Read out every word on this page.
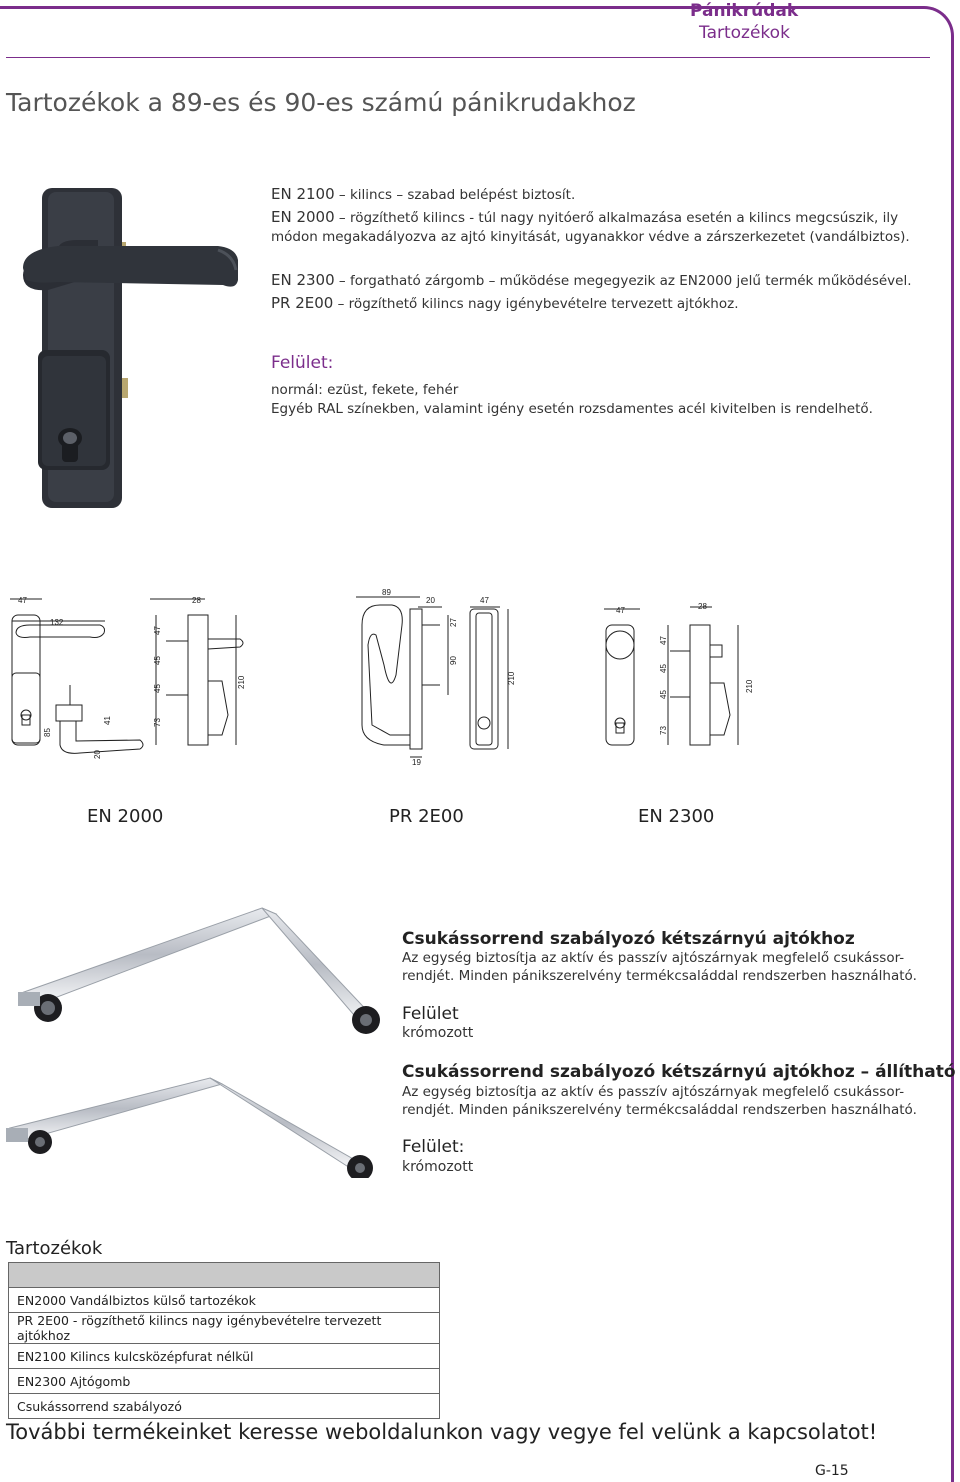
Pánikrúdak
Tartozékok
Tartozékok a 89-es és 90-es számú pánikrudakhoz
EN 2100 – kilincs – szabad belépést biztosít.
EN 2000 – rögzíthető kilincs - túl nagy nyitóerő alkalmazása esetén a kilincs megcsúszik, ily módon megakadályozva az ajtó kinyitását, ugyanakkor védve a zárszerkezetet (vandálbiztos).
EN 2300 – forgatható zárgomb – működése megegyezik az EN2000 jelű termék működésével.
PR 2E00 – rögzíthető kilincs nagy igénybevételre tervezett ajtókhoz.
Felület:
normál: ezüst, fekete, fehér
Egyéb RAL színekben, valamint igény esetén rozsdamentes acél kivitelben is rendelhető.
47
132
28
47
45
45
73
210
85
41
20
89
20	47
27
90
210
19
47	28
47
45
45
73
210
EN 2000	PR 2E00	EN 2300
Csukássorrend szabályozó kétszárnyú ajtókhoz
Az egység biztosítja az aktív és passzív ajtószárnyak megfelelő csukássor-rendjét. Minden pánikszerelvény termékcsaláddal rendszerben használható.
Felület
krómozott
Csukássorrend szabályozó kétszárnyú ajtókhoz – állítható
Az egység biztosítja az aktív és passzív ajtószárnyak megfelelő csukássor-rendjét. Minden pánikszerelvény termékcsaláddal rendszerben használható.
Felület:
krómozott
Tartozékok

EN2000 Vandálbiztos külső tartozékok
PR 2E00 - rögzíthető kilincs nagy igénybevételre tervezett ajtókhoz
EN2100 Kilincs kulcsközépfurat nélkül
EN2300 Ajtógomb
Csukássorrend szabályozó
További termékeinket keresse weboldalunkon vagy vegye fel velünk a kapcsolatot!
G-15
